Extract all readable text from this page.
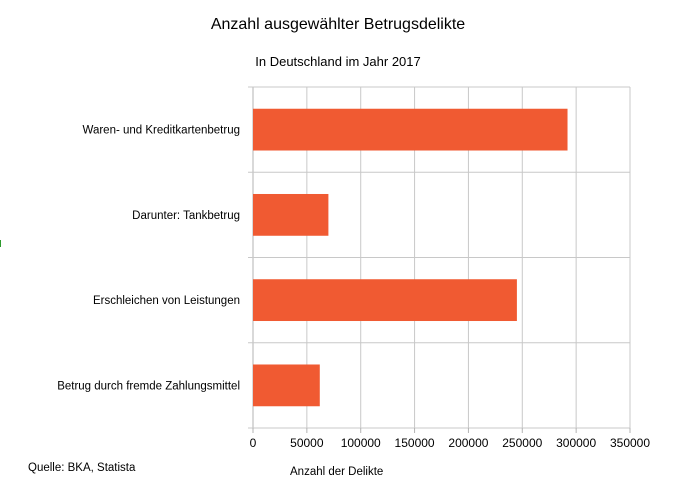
Anzahl ausgewählter Betrugsdelikte
In Deutschland im Jahr 2017
Waren- und Kreditkartenbetrug
Darunter: Tankbetrug
Erschleichen von Leistungen
Betrug durch fremde Zahlungsmittel
0	50000 100000 150000 200000 250000 300000 350000
Quelle: BKA, Statista	Anzahl der Delikte
